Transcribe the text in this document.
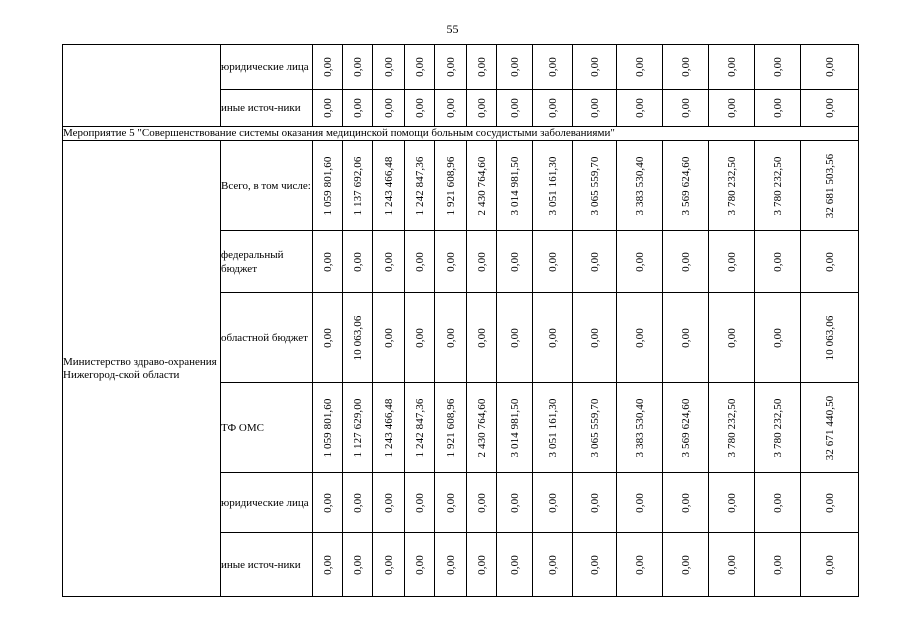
55
	юридические лица	0,00	0,00	0,00	0,00	0,00	0,00	0,00	0,00	0,00	0,00	0,00	0,00	0,00	0,00

	иные источ-ники	0,00	0,00	0,00	0,00	0,00	0,00	0,00	0,00	0,00	0,00	0,00	0,00	0,00	0,00

Мероприятие 5 "Совершенствование системы оказания медицинской помощи больным сосудистыми заболеваниями"															
Министерство здраво-охранения Нижегород-ской области	Всего, в том числе:	1 059 801,60	1 137 692,06	1 243 466,48	1 242 847,36	1 921 608,96	2 430 764,60	3 014 981,50	3 051 161,30	3 065 559,70	3 383 530,40	3 569 624,60	3 780 232,50	3 780 232,50	32 681 503,56

	федеральный бюджет	0,00	0,00	0,00	0,00	0,00	0,00	0,00	0,00	0,00	0,00	0,00	0,00	0,00	0,00

	областной бюджет	0,00	10 063,06	0,00	0,00	0,00	0,00	0,00	0,00	0,00	0,00	0,00	0,00	0,00	10 063,06

	ТФ ОМС	1 059 801,60	1 127 629,00	1 243 466,48	1 242 847,36	1 921 608,96	2 430 764,60	3 014 981,50	3 051 161,30	3 065 559,70	3 383 530,40	3 569 624,60	3 780 232,50	3 780 232,50	32 671 440,50

	юридические лица	0,00	0,00	0,00	0,00	0,00	0,00	0,00	0,00	0,00	0,00	0,00	0,00	0,00	0,00

	иные источ-ники	0,00	0,00	0,00	0,00	0,00	0,00	0,00	0,00	0,00	0,00	0,00	0,00	0,00	0,00
